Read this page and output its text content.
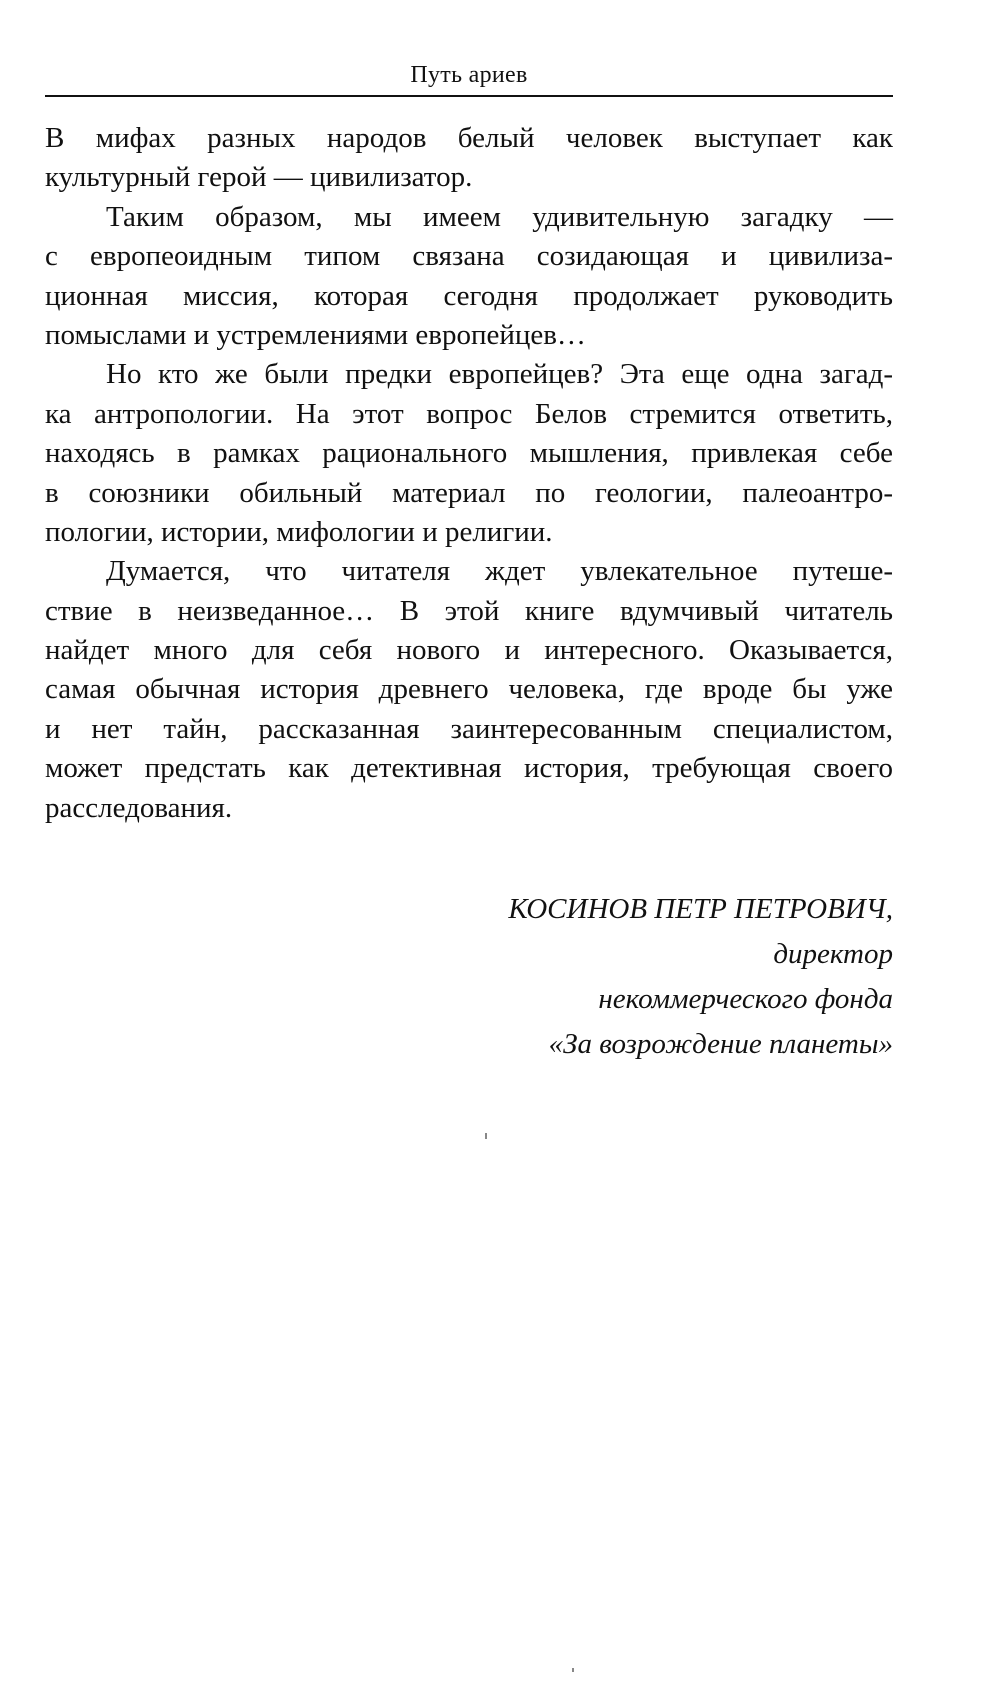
Путь ариев
В мифах разных народов белый человек выступает как
культурный герой — цивилизатор.
Таким образом, мы имеем удивительную загадку —
с европеоидным типом связана созидающая и цивилиза-
ционная миссия, которая сегодня продолжает руководить
помыслами и устремлениями европейцев…
Но кто же были предки европейцев? Эта еще одна загад-
ка антропологии. На этот вопрос Белов стремится ответить,
находясь в рамках рационального мышления, привлекая себе
в союзники обильный материал по геологии, палеоантро-
пологии, истории, мифологии и религии.
Думается, что читателя ждет увлекательное путеше-
ствие в неизведанное… В этой книге вдумчивый читатель
найдет много для себя нового и интересного. Оказывается,
самая обычная история древнего человека, где вроде бы уже
и нет тайн, рассказанная заинтересованным специалистом,
может предстать как детективная история, требующая своего
расследования.
КОСИНОВ ПЕТР ПЕТРОВИЧ,
директор
некоммерческого фонда
«За возрождение планеты»
